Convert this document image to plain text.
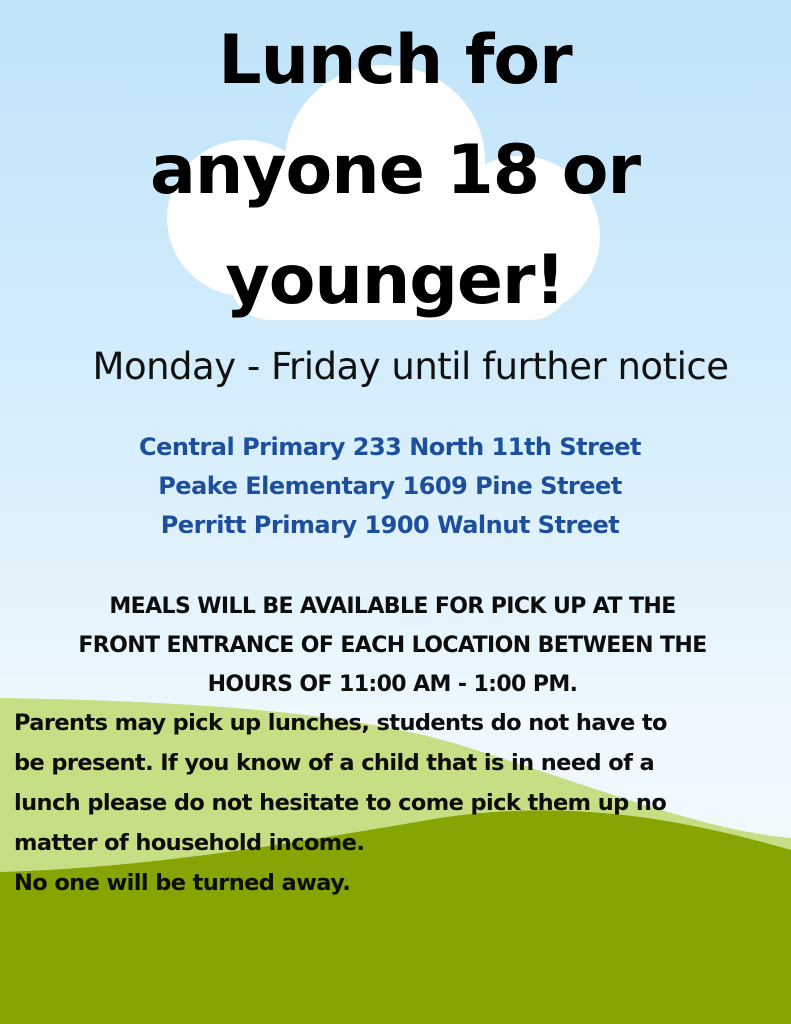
Lunch for
anyone 18 or
younger!
Monday - Friday until further notice
Central Primary 233 North 11th Street
Peake Elementary 1609 Pine Street
Perritt Primary 1900 Walnut Street
MEALS WILL BE AVAILABLE FOR PICK UP AT THE
FRONT ENTRANCE OF EACH LOCATION BETWEEN THE
HOURS OF 11:00 AM - 1:00 PM.
Parents may pick up lunches, students do not have to
be present. If you know of a child that is in need of a
lunch please do not hesitate to come pick them up no
matter of household income.
No one will be turned away.
